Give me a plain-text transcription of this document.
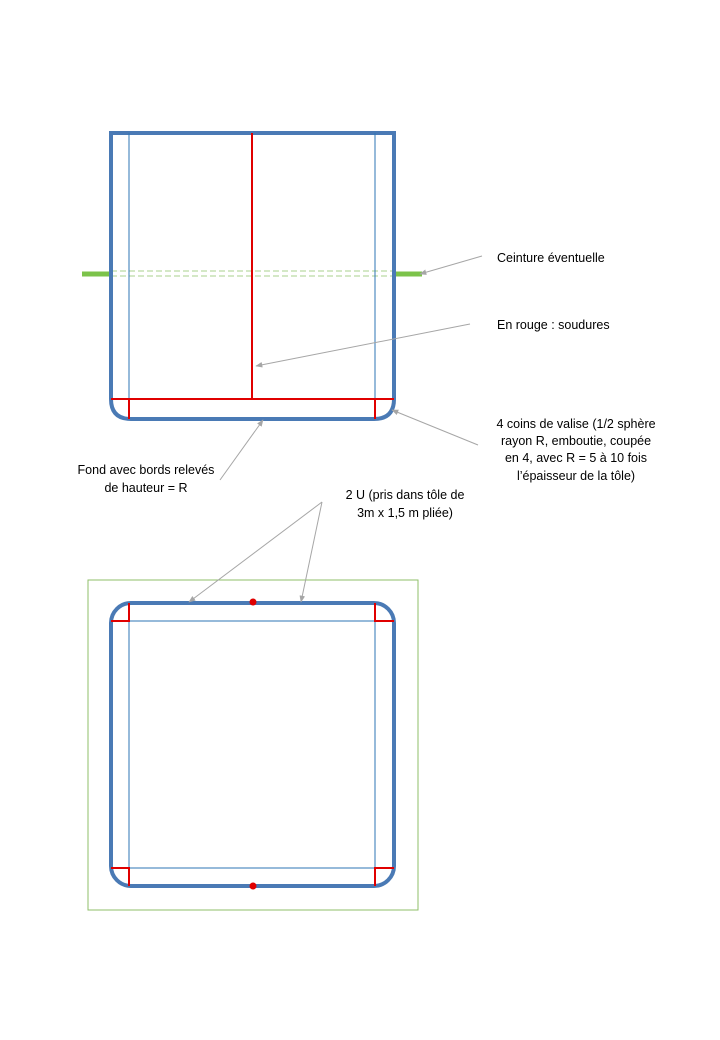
Ceinture éventuelle
En rouge : soudures
4 coins de valise (1/2 sphère
rayon R, emboutie, coupée
en 4, avec R = 5 à 10 fois
l’épaisseur de la tôle)
Fond avec bords relevés
de hauteur = R	2 U (pris dans tôle de
3m x 1,5 m pliée)
